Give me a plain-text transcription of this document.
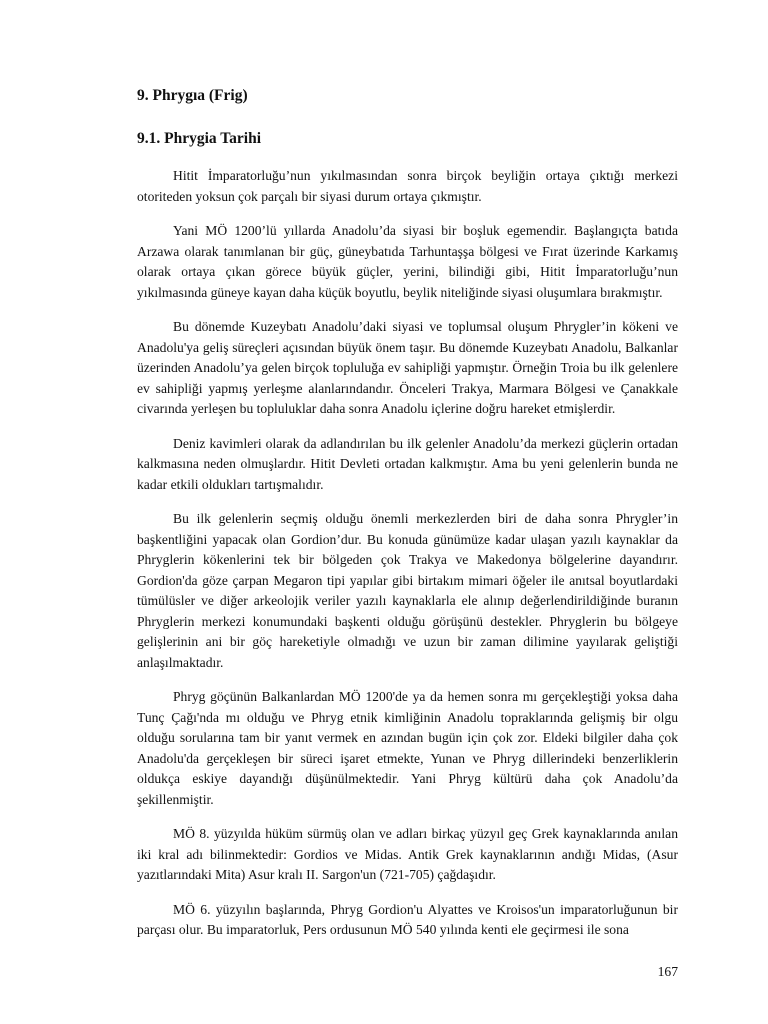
9. Phrygıa (Frig)
9.1. Phrygia Tarihi

Hitit İmparatorluğu’nun yıkılmasından sonra birçok beyliğin ortaya çıktığı merkezi otoriteden yoksun çok parçalı bir siyasi durum ortaya çıkmıştır.

Yani MÖ 1200’lü yıllarda Anadolu’da siyasi bir boşluk egemendir. Başlangıçta batıda Arzawa olarak tanımlanan bir güç, güneybatıda Tarhuntaşşa bölgesi ve Fırat üzerinde Karkamış olarak ortaya çıkan görece büyük güçler, yerini, bilindiği gibi, Hitit İmparatorluğu’nun yıkılmasında güneye kayan daha küçük boyutlu, beylik niteliğinde siyasi oluşumlara bırakmıştır.

Bu dönemde Kuzeybatı Anadolu’daki siyasi ve toplumsal oluşum Phrygler’in kökeni ve Anadolu'ya geliş süreçleri açısından büyük önem taşır. Bu dönemde Kuzeybatı Anadolu, Balkanlar üzerinden Anadolu’ya gelen birçok topluluğa ev sahipliği yapmıştır. Örneğin Troia bu ilk gelenlere ev sahipliği yapmış yerleşme alanlarındandır. Önceleri Trakya, Marmara Bölgesi ve Çanakkale civarında yerleşen bu topluluklar daha sonra Anadolu içlerine doğru hareket etmişlerdir.

Deniz kavimleri olarak da adlandırılan bu ilk gelenler Anadolu’da merkezi güçlerin ortadan kalkmasına neden olmuşlardır. Hitit Devleti ortadan kalkmıştır. Ama bu yeni gelenlerin bunda ne kadar etkili oldukları tartışmalıdır.

Bu ilk gelenlerin seçmiş olduğu önemli merkezlerden biri de daha sonra Phrygler’in başkentliğini yapacak olan Gordion’dur. Bu konuda günümüze kadar ulaşan yazılı kaynaklar da Phryglerin kökenlerini tek bir bölgeden çok Trakya ve Makedonya bölgelerine dayandırır. Gordion'da göze çarpan Megaron tipi yapılar gibi birtakım mimari öğeler ile anıtsal boyutlardaki tümülüsler ve diğer arkeolojik veriler yazılı kaynaklarla ele alınıp değerlendirildiğinde buranın Phryglerin merkezi konumundaki başkenti olduğu görüşünü destekler. Phryglerin bu bölgeye gelişlerinin ani bir göç hareketiyle olmadığı ve uzun bir zaman dilimine yayılarak geliştiği anlaşılmaktadır.

Phryg göçünün Balkanlardan MÖ 1200'de ya da hemen sonra mı gerçekleştiği yoksa daha Tunç Çağı'nda mı olduğu ve Phryg etnik kimliğinin Anadolu topraklarında gelişmiş bir olgu olduğu sorularına tam bir yanıt vermek en azından bugün için çok zor. Eldeki bilgiler daha çok Anadolu'da gerçekleşen bir süreci işaret etmekte, Yunan ve Phryg dillerindeki benzerliklerin oldukça eskiye dayandığı düşünülmektedir. Yani Phryg kültürü daha çok Anadolu’da şekillenmiştir.

MÖ 8. yüzyılda hüküm sürmüş olan ve adları birkaç yüzyıl geç Grek kaynaklarında anılan iki kral adı bilinmektedir: Gordios ve Midas. Antik Grek kaynaklarının andığı Midas, (Asur yazıtlarındaki Mita) Asur kralı II. Sargon'un (721-705) çağdaşıdır.

MÖ 6. yüzyılın başlarında, Phryg Gordion'u Alyattes ve Kroisos'un imparatorluğunun bir parçası olur. Bu imparatorluk, Pers ordusunun MÖ 540 yılında kenti ele geçirmesi ile sona

167
